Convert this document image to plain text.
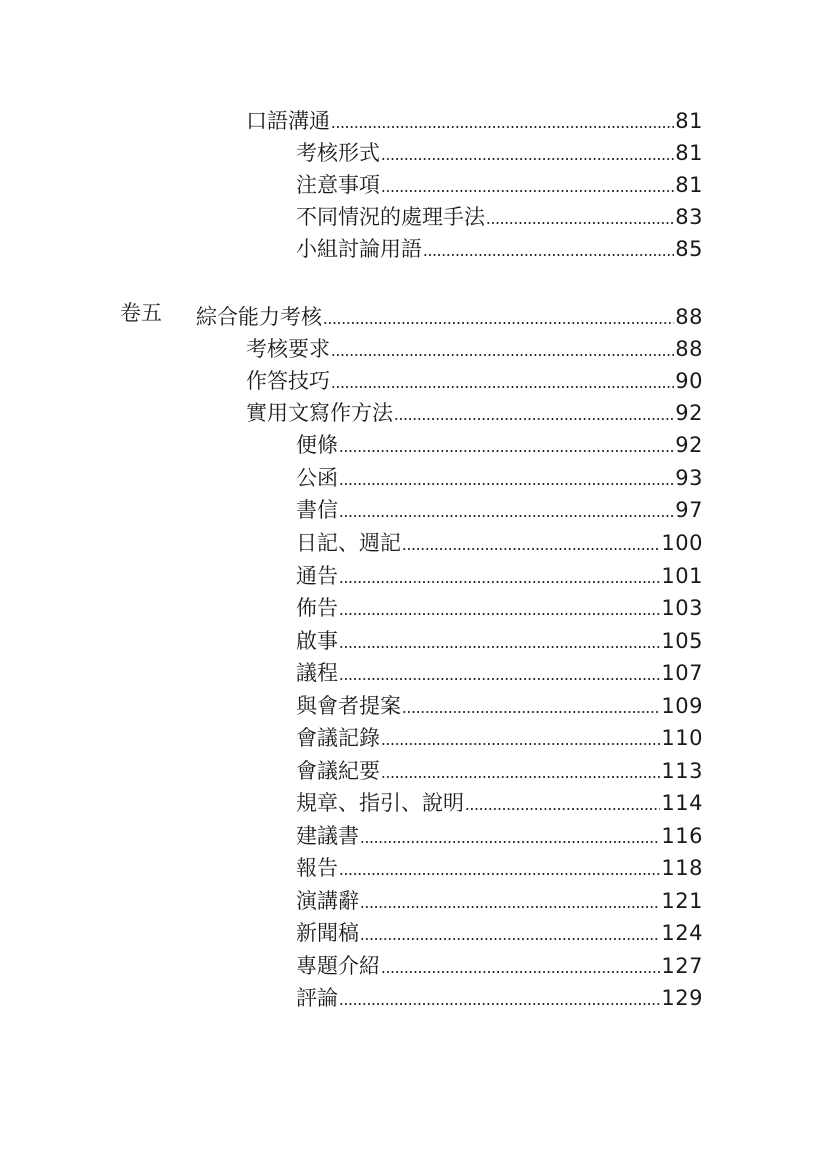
口語溝通	81
考核形式	81
注意事項	81
不同情況的處理手法	83
小組討論用語	85
卷五 綜合能力考核	88
考核要求	88
作答技巧	90
實用文寫作方法	92
便條	92
公函	93
書信	97
日記、週記	100
通告	101
佈告	103
啟事	105
議程	107
與會者提案	109
會議記錄	110
會議紀要	113
規章、指引、說明	114
建議書	116
報告	118
演講辭	121
新聞稿	124
專題介紹	127
評論	129
